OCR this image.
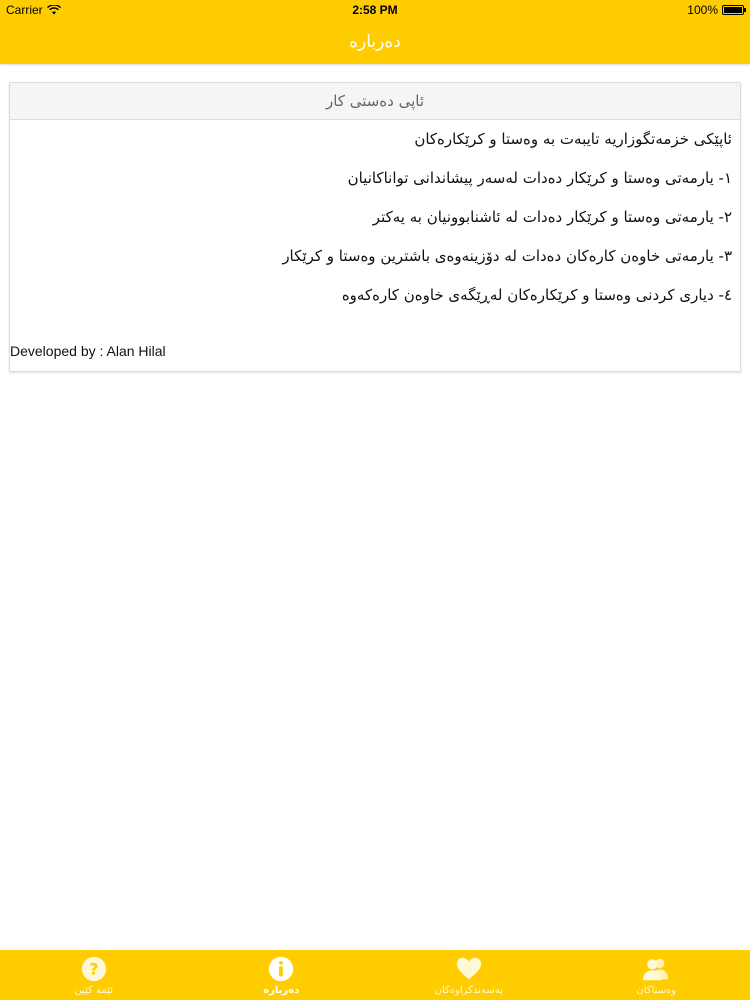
Carrier	2:58 PM	100%
دەربارە
ئاپی دەستی کار
ئاپێکی خزمەتگوزاریە تایبەت بە وەستا و کرێکارەکان
١- یارمەتی وەستا و کرێکار دەدات لەسەر پیشاندانی تواناکانیان
٢- یارمەتی وەستا و کرێکار دەدات لە ئاشنابوونیان بە یەکتر
٣- یارمەتی خاوەن کارەکان دەدات لە دۆزینەوەی باشترین وەستا و کرێکار
٤- دیاری کردنی وەستا و کرێکارەکان لەڕێگەی خاوەن کارەکەوە
Developed by : Alan Hilal
?
ئێمە کێین	دەربارە	پەسەندکراوەکان	وەستاکان
